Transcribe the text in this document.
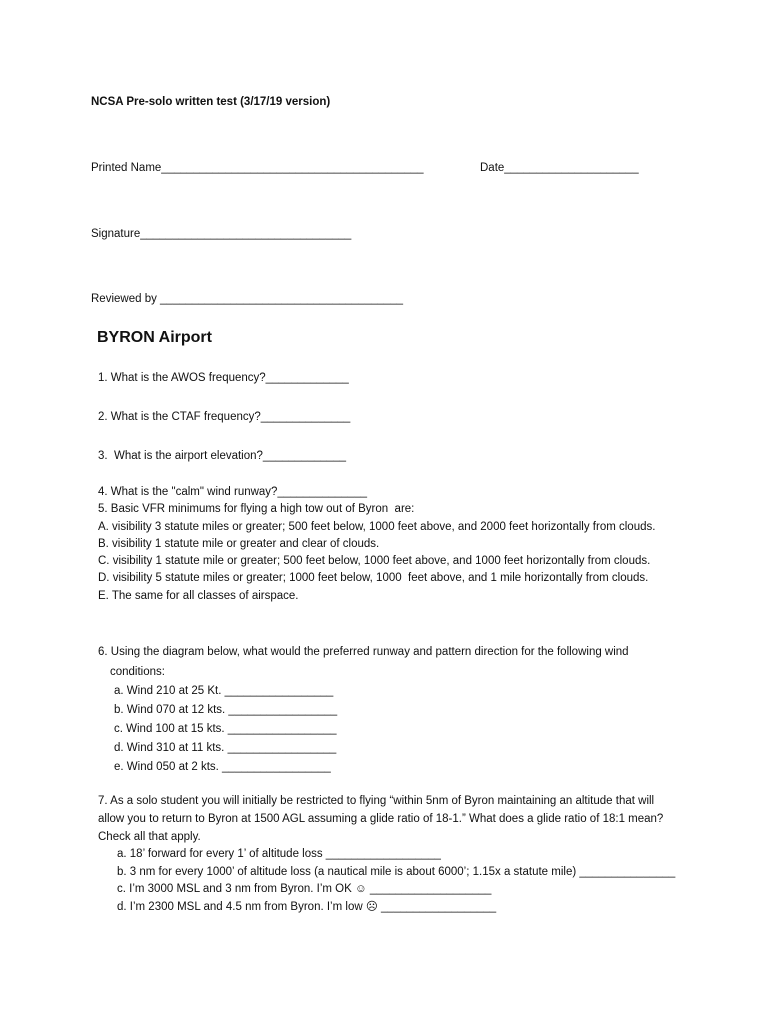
NCSA Pre-solo written test (3/17/19 version)
Printed Name_________________________________________	Date_____________________
Signature_________________________________
Reviewed by ______________________________________
BYRON Airport
1. What is the AWOS frequency?_____________
2. What is the CTAF frequency?______________
3.  What is the airport elevation?_____________
4. What is the "calm" wind runway?______________
5. Basic VFR minimums for flying a high tow out of Byron  are:
A. visibility 3 statute miles or greater; 500 feet below, 1000 feet above, and 2000 feet horizontally from clouds.
B. visibility 1 statute mile or greater and clear of clouds.
C. visibility 1 statute mile or greater; 500 feet below, 1000 feet above, and 1000 feet horizontally from clouds.
D. visibility 5 statute miles or greater; 1000 feet below, 1000  feet above, and 1 mile horizontally from clouds.
E. The same for all classes of airspace.
6. Using the diagram below, what would the preferred runway and pattern direction for the following wind
conditions:
a. Wind 210 at 25 Kt. _________________
b. Wind 070 at 12 kts. _________________
c. Wind 100 at 15 kts. _________________
d. Wind 310 at 11 kts. _________________
e. Wind 050 at 2 kts. _________________
7. As a solo student you will initially be restricted to flying “within 5nm of Byron maintaining an altitude that will
allow you to return to Byron at 1500 AGL assuming a glide ratio of 18-1.” What does a glide ratio of 18:1 mean?
Check all that apply.
a. 18’ forward for every 1’ of altitude loss __________________
b. 3 nm for every 1000’ of altitude loss (a nautical mile is about 6000’; 1.15x a statute mile) _______________
c. I’m 3000 MSL and 3 nm from Byron. I’m OK ☺ ___________________
d. I’m 2300 MSL and 4.5 nm from Byron. I’m low ☹ __________________
